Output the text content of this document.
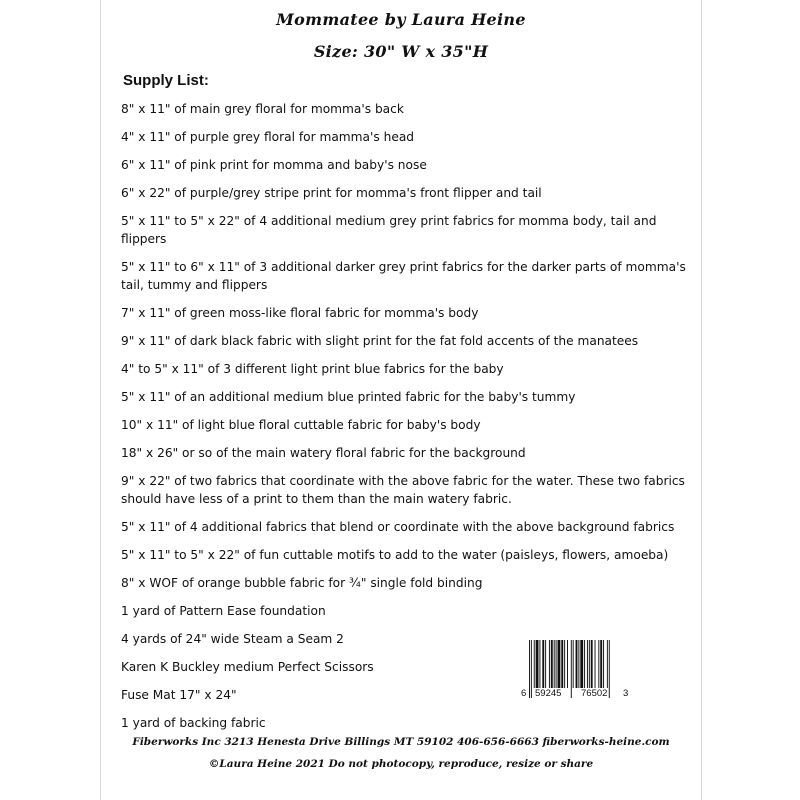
Mommatee by Laura Heine
Size: 30" W x 35"H
Supply List:
8" x 11" of main grey floral for momma's back
4" x 11" of purple grey floral for mamma's head
6" x 11" of pink print for momma and baby's nose
6" x 22" of purple/grey stripe print for momma's front flipper and tail
5" x 11" to 5" x 22" of 4 additional medium grey print fabrics for momma body, tail and flippers
5" x 11" to 6" x 11" of 3 additional darker grey print fabrics for the darker parts of momma's tail, tummy and flippers
7" x 11" of green moss-like floral fabric for momma's body
9" x 11" of dark black fabric with slight print for the fat fold accents of the manatees
4" to 5" x 11" of 3 different light print blue fabrics for the baby
5" x 11" of an additional medium blue printed fabric for the baby's tummy
10" x 11" of light blue floral cuttable fabric for baby's body
18" x 26" or so of the main watery floral fabric for the background
9" x 22" of two fabrics that coordinate with the above fabric for the water. These two fabrics should have less of a print to them than the main watery fabric.
5" x 11" of 4 additional fabrics that blend or coordinate with the above background fabrics
5" x 11" to 5" x 22" of fun cuttable motifs to add to the water (paisleys, flowers, amoeba)
8" x WOF of orange bubble fabric for ¾" single fold binding
1 yard of Pattern Ease foundation
4 yards of 24" wide Steam a Seam 2
Karen K Buckley medium Perfect Scissors
Fuse Mat 17" x 24"
1 yard of backing fabric
6 59245 76502 3
Fiberworks Inc 3213 Henesta Drive Billings MT 59102 406-656-6663 fiberworks-heine.com
©Laura Heine 2021 Do not photocopy, reproduce, resize or share
